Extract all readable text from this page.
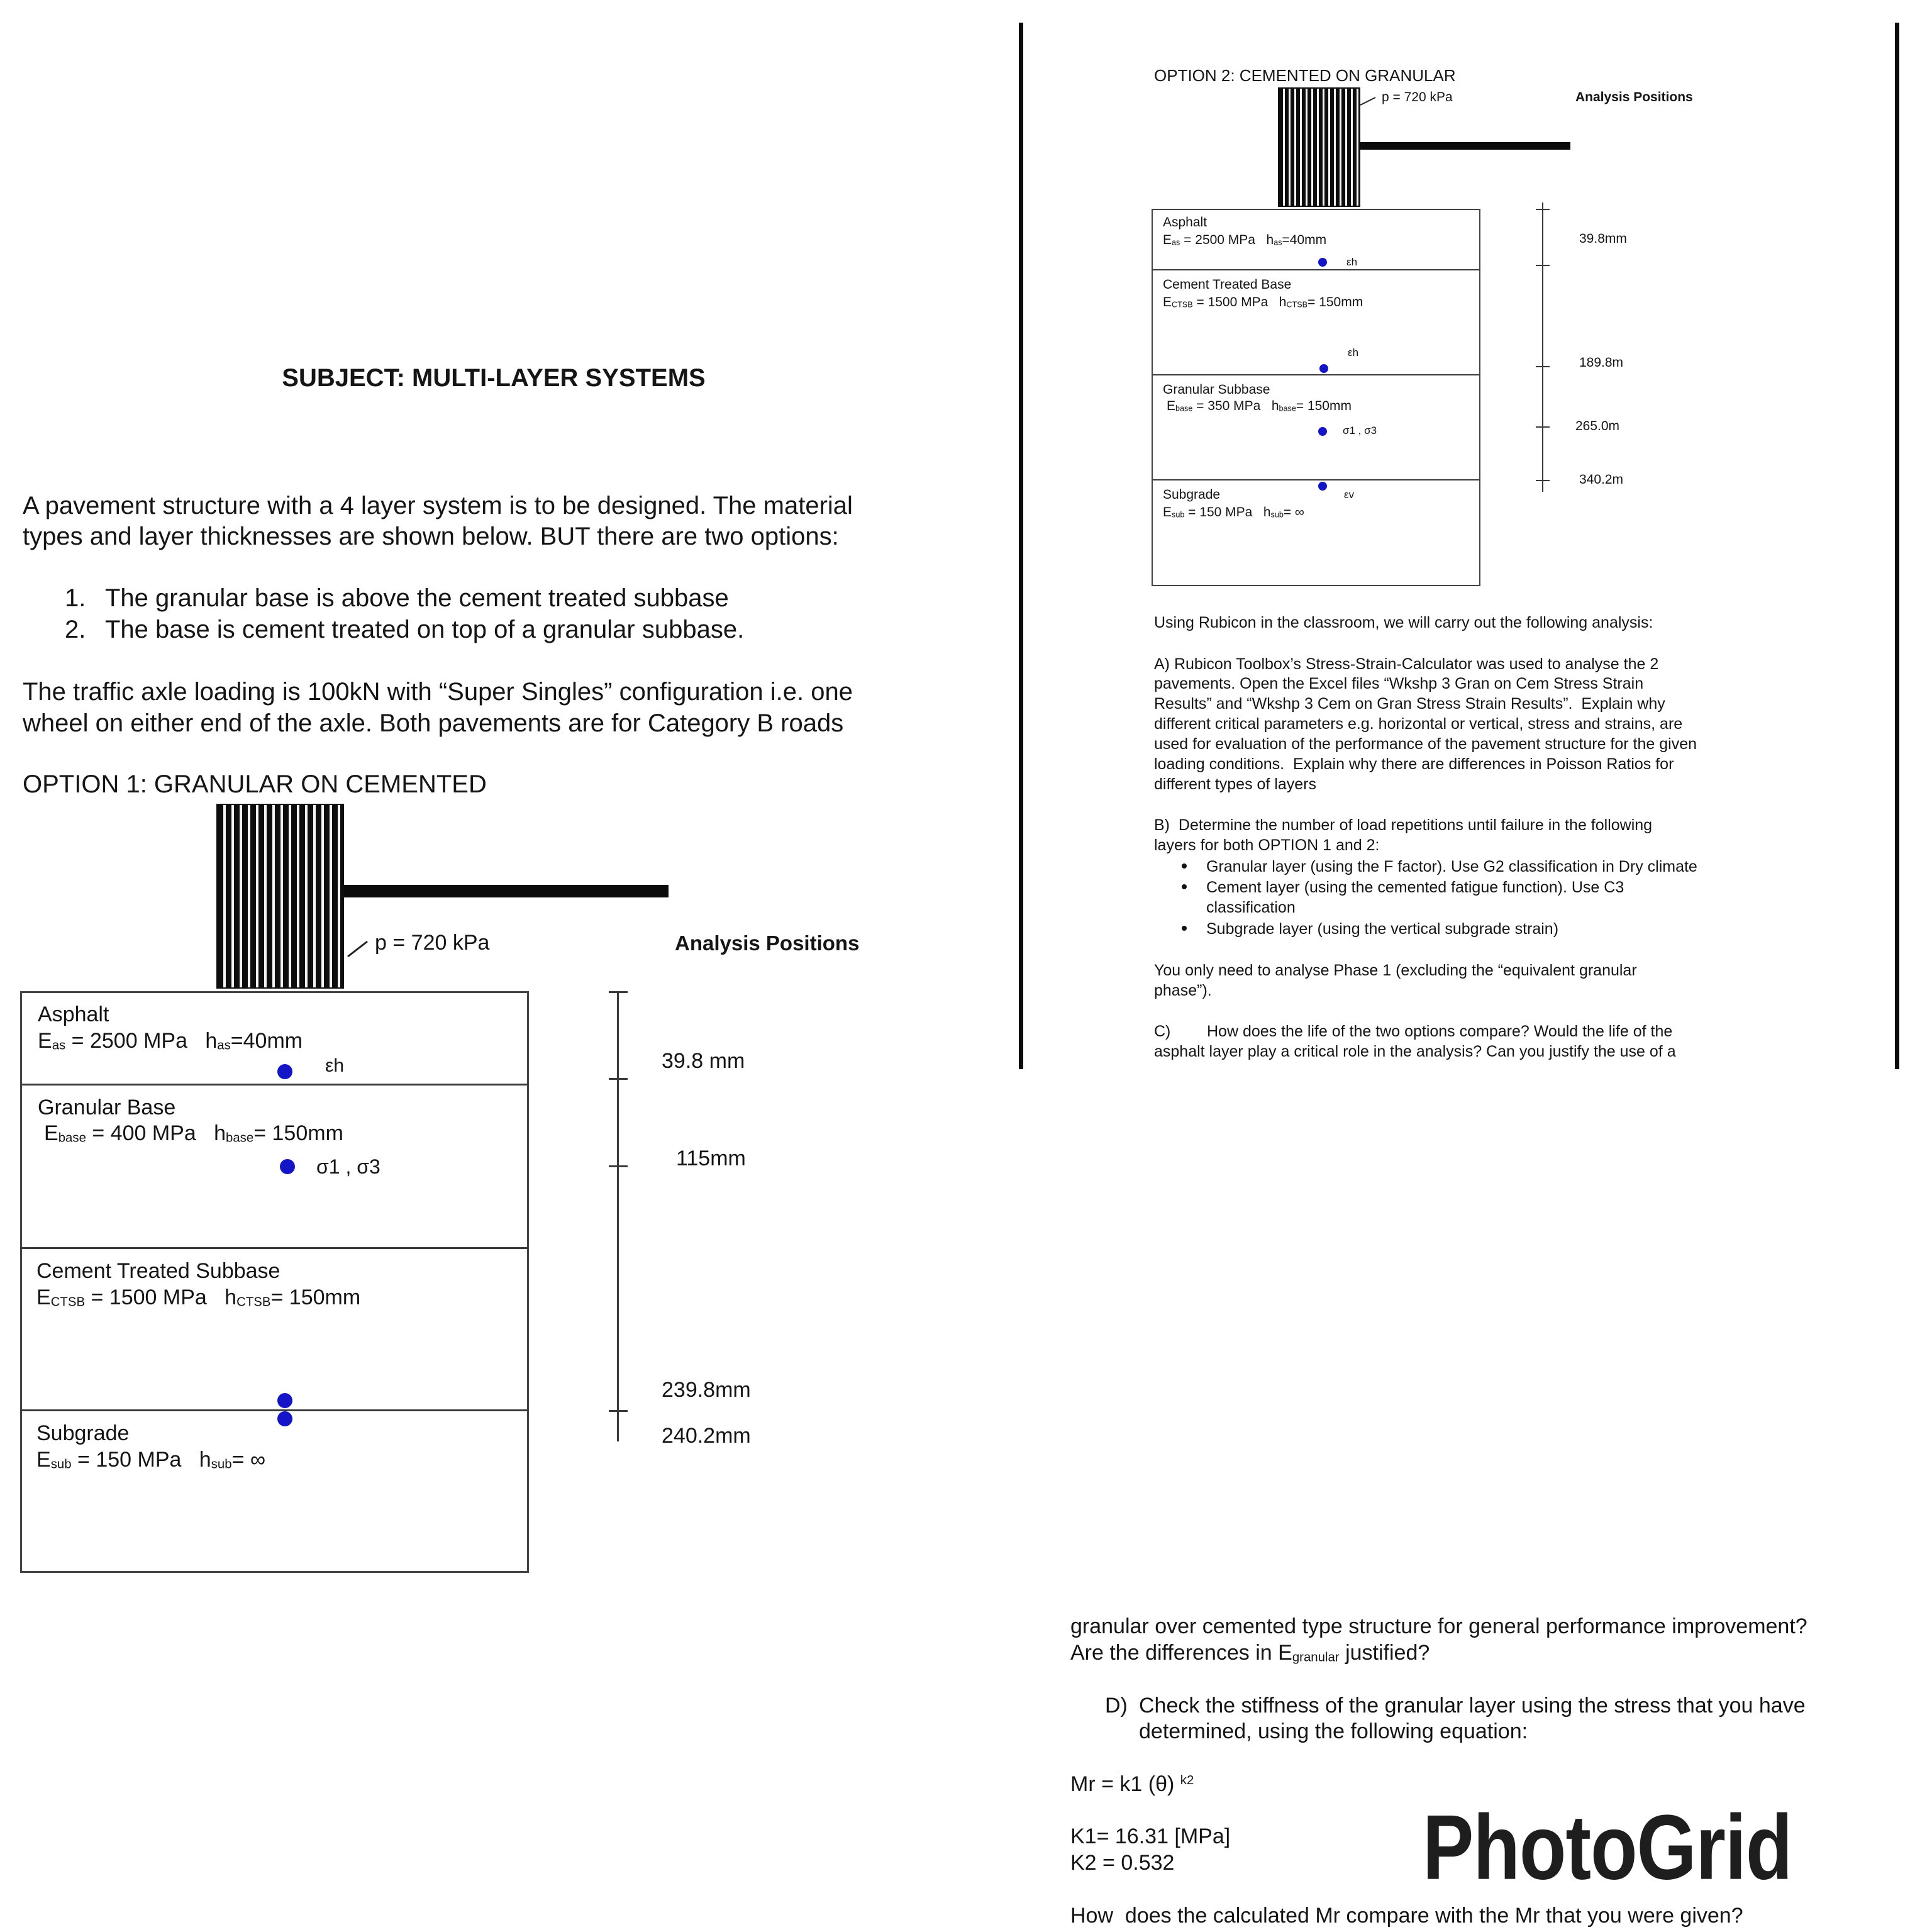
SUBJECT: MULTI-LAYER SYSTEMS
A pavement structure with a 4 layer system is to be designed. The material
types and layer thicknesses are shown below. BUT there are two options:
1. The granular base is above the cement treated subbase
2. The base is cement treated on top of a granular subbase.
The traffic axle loading is 100kN with “Super Singles” configuration i.e. one
wheel on either end of the axle. Both pavements are for Category B roads
OPTION 1: GRANULAR ON CEMENTED
p = 720 kPa	Analysis Positions
Asphalt
Eas = 2500 MPa   has=40mm
εh
Granular Base
Ebase = 400 MPa   hbase= 150mm
σ1 , σ3
Cement Treated Subbase
ECTSB = 1500 MPa   hCTSB= 150mm
Subgrade
Esub = 150 MPa   hsub= ∞
39.8 mm
115mm
239.8mm
240.2mm
OPTION 2: CEMENTED ON GRANULAR
p = 720 kPa	Analysis Positions
Asphalt
Eas = 2500 MPa   has=40mm
εh
Cement Treated Base
ECTSB = 1500 MPa   hCTSB= 150mm
εh
Granular Subbase
Ebase = 350 MPa   hbase= 150mm
σ1 , σ3
εv
Subgrade
Esub = 150 MPa   hsub= ∞
39.8mm
189.8m
265.0m
340.2m
Using Rubicon in the classroom, we will carry out the following analysis:
A) Rubicon Toolbox’s Stress-Strain-Calculator was used to analyse the 2
pavements. Open the Excel files “Wkshp 3 Gran on Cem Stress Strain
Results” and “Wkshp 3 Cem on Gran Stress Strain Results”.  Explain why
different critical parameters e.g. horizontal or vertical, stress and strains, are
used for evaluation of the performance of the pavement structure for the given
loading conditions.  Explain why there are differences in Poisson Ratios for
different types of layers
B)  Determine the number of load repetitions until failure in the following
layers for both OPTION 1 and 2:
Granular layer (using the F factor). Use G2 classification in Dry climate
Cement layer (using the cemented fatigue function). Use C3
classification
Subgrade layer (using the vertical subgrade strain)
You only need to analyse Phase 1 (excluding the “equivalent granular
phase”).
C) How does the life of the two options compare? Would the life of the
asphalt layer play a critical role in the analysis? Can you justify the use of a
granular over cemented type structure for general performance improvement?
Are the differences in Egranular justified?
D) Check the stiffness of the granular layer using the stress that you have
determined, using the following equation:
Mr = k1 (θ) $^{k2}$
K1= 16.31 [MPa]
K2 = 0.532	PhotoGrid
How  does the calculated Mr compare with the Mr that you were given?
